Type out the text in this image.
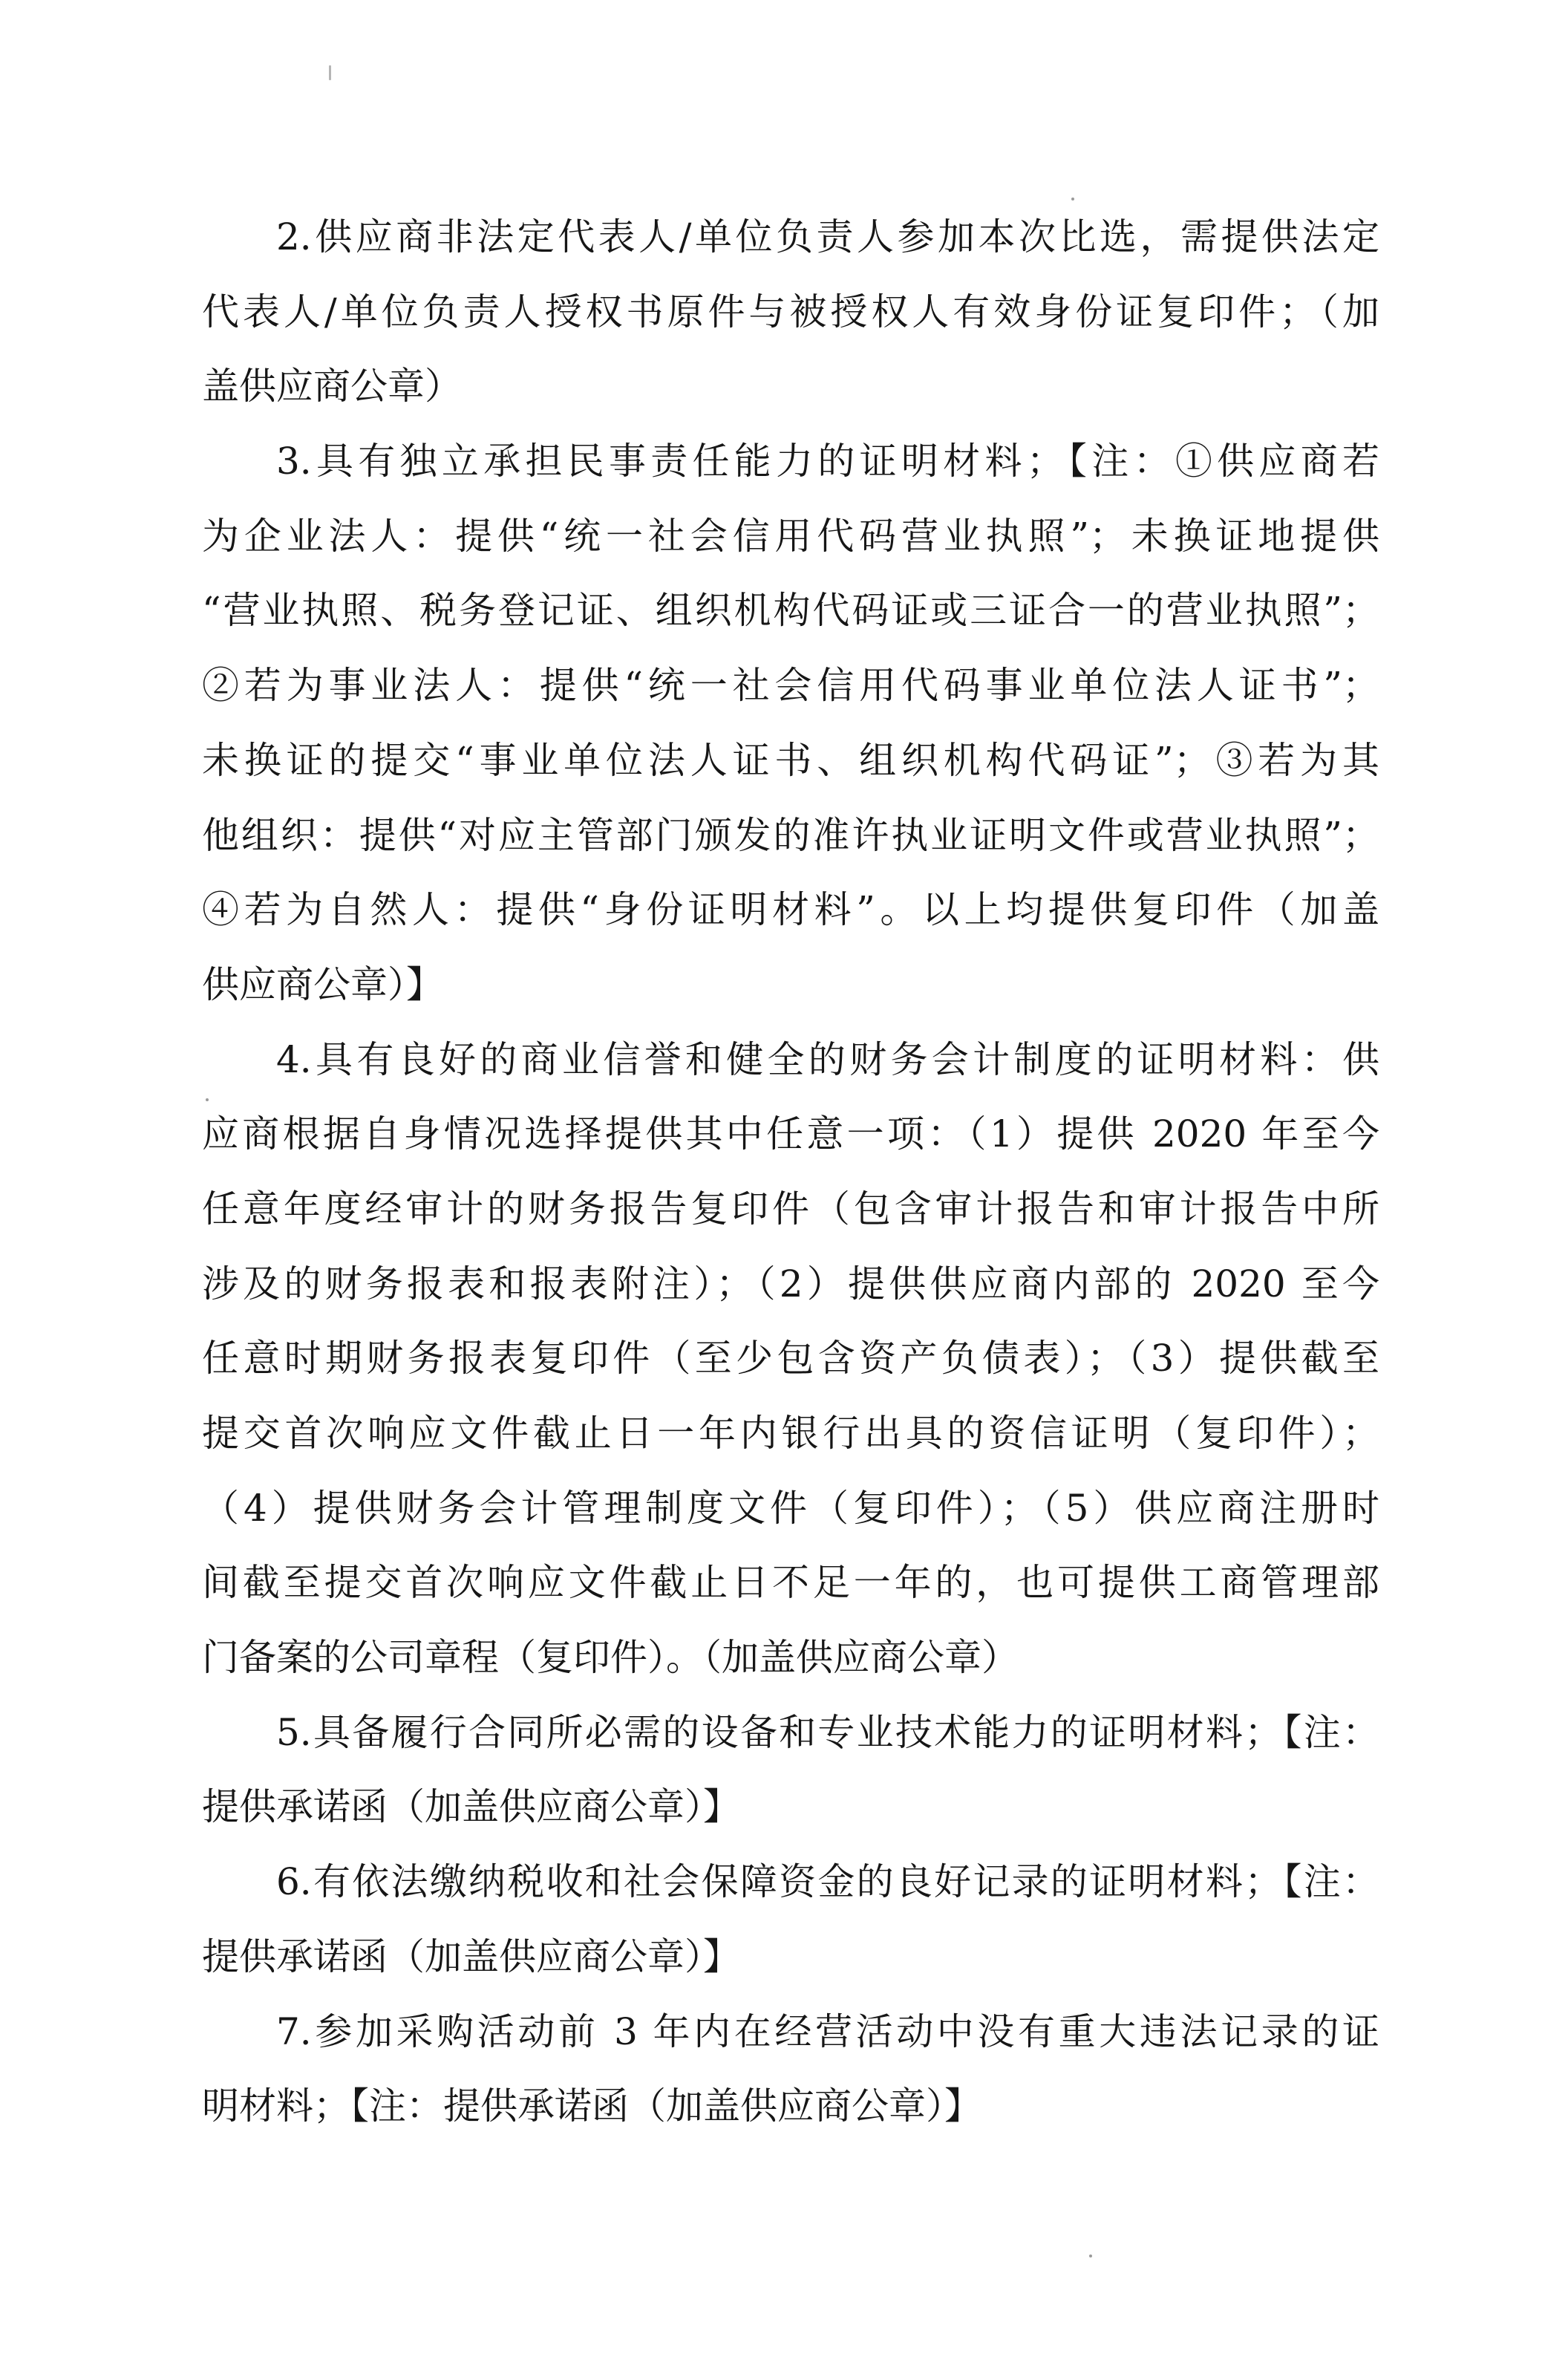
2.供应商非法定代表人/单位负责人参加本次比选，需提供法定
代表人/单位负责人授权书原件与被授权人有效身份证复印件；（加
盖供应商公章）
3.具有独立承担民事责任能力的证明材料；【注：①供应商若
为企业法人：提供“统一社会信用代码营业执照”；未换证地提供
“营业执照、税务登记证、组织机构代码证或三证合一的营业执照”；
②若为事业法人：提供“统一社会信用代码事业单位法人证书”；
未换证的提交“事业单位法人证书、组织机构代码证”；③若为其
他组织：提供“对应主管部门颁发的准许执业证明文件或营业执照”；
④若为自然人：提供“身份证明材料”。以上均提供复印件（加盖
供应商公章）】
4.具有良好的商业信誉和健全的财务会计制度的证明材料：供
应商根据自身情况选择提供其中任意一项：（1）提供 2020 年至今
任意年度经审计的财务报告复印件（包含审计报告和审计报告中所
涉及的财务报表和报表附注）；（2）提供供应商内部的 2020 至今
任意时期财务报表复印件（至少包含资产负债表）；（3）提供截至
提交首次响应文件截止日一年内银行出具的资信证明（复印件）；
（4）提供财务会计管理制度文件（复印件）；（5）供应商注册时
间截至提交首次响应文件截止日不足一年的，也可提供工商管理部
门备案的公司章程（复印件）。（加盖供应商公章）
5.具备履行合同所必需的设备和专业技术能力的证明材料；【注：
提供承诺函（加盖供应商公章）】
6.有依法缴纳税收和社会保障资金的良好记录的证明材料；【注：
提供承诺函（加盖供应商公章）】
7.参加采购活动前 3 年内在经营活动中没有重大违法记录的证
明材料；【注：提供承诺函（加盖供应商公章）】
